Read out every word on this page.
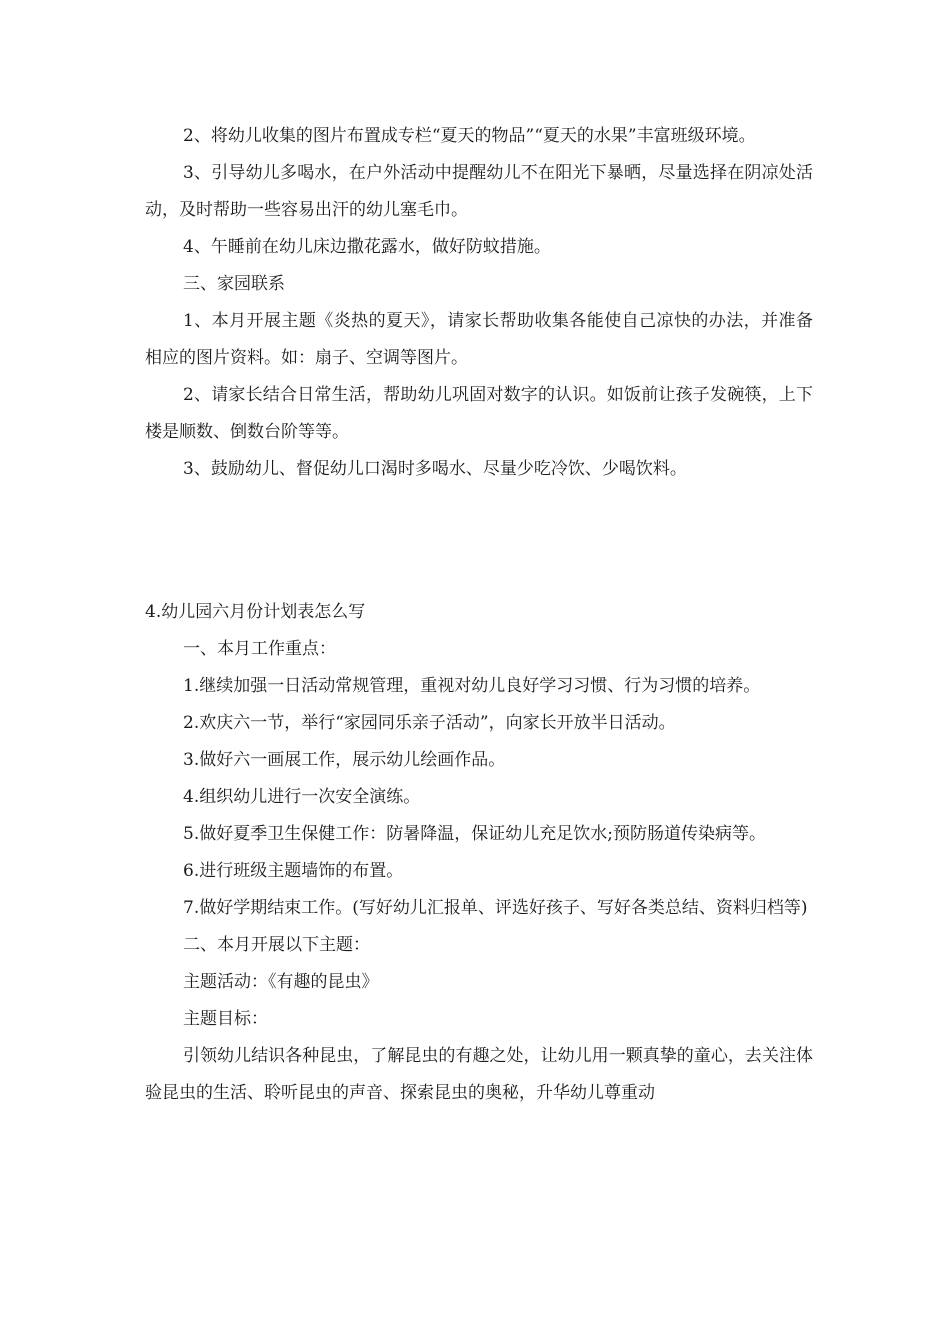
2、将幼儿收集的图片布置成专栏“夏天的物品”“夏天的水果”丰富班级环境。

3、引导幼儿多喝水，在户外活动中提醒幼儿不在阳光下暴晒，尽量选择在阴凉处活动，及时帮助一些容易出汗的幼儿塞毛巾。

4、午睡前在幼儿床边撒花露水，做好防蚊措施。

三、家园联系

1、本月开展主题《炎热的夏天》，请家长帮助收集各能使自己凉快的办法，并准备相应的图片资料。如：扇子、空调等图片。

2、请家长结合日常生活，帮助幼儿巩固对数字的认识。如饭前让孩子发碗筷，上下楼是顺数、倒数台阶等等。

3、鼓励幼儿、督促幼儿口渴时多喝水、尽量少吃冷饮、少喝饮料。

4.幼儿园六月份计划表怎么写

一、本月工作重点：

1.继续加强一日活动常规管理，重视对幼儿良好学习习惯、行为习惯的培养。

2.欢庆六一节，举行“家园同乐亲子活动”，向家长开放半日活动。

3.做好六一画展工作，展示幼儿绘画作品。

4.组织幼儿进行一次安全演练。

5.做好夏季卫生保健工作：防暑降温，保证幼儿充足饮水;预防肠道传染病等。

6.进行班级主题墙饰的布置。

7.做好学期结束工作。(写好幼儿汇报单、评选好孩子、写好各类总结、资料归档等)

二、本月开展以下主题：

主题活动：《有趣的昆虫》

主题目标：

引领幼儿结识各种昆虫，了解昆虫的有趣之处，让幼儿用一颗真挚的童心，去关注体验昆虫的生活、聆听昆虫的声音、探索昆虫的奥秘，升华幼儿尊重动
